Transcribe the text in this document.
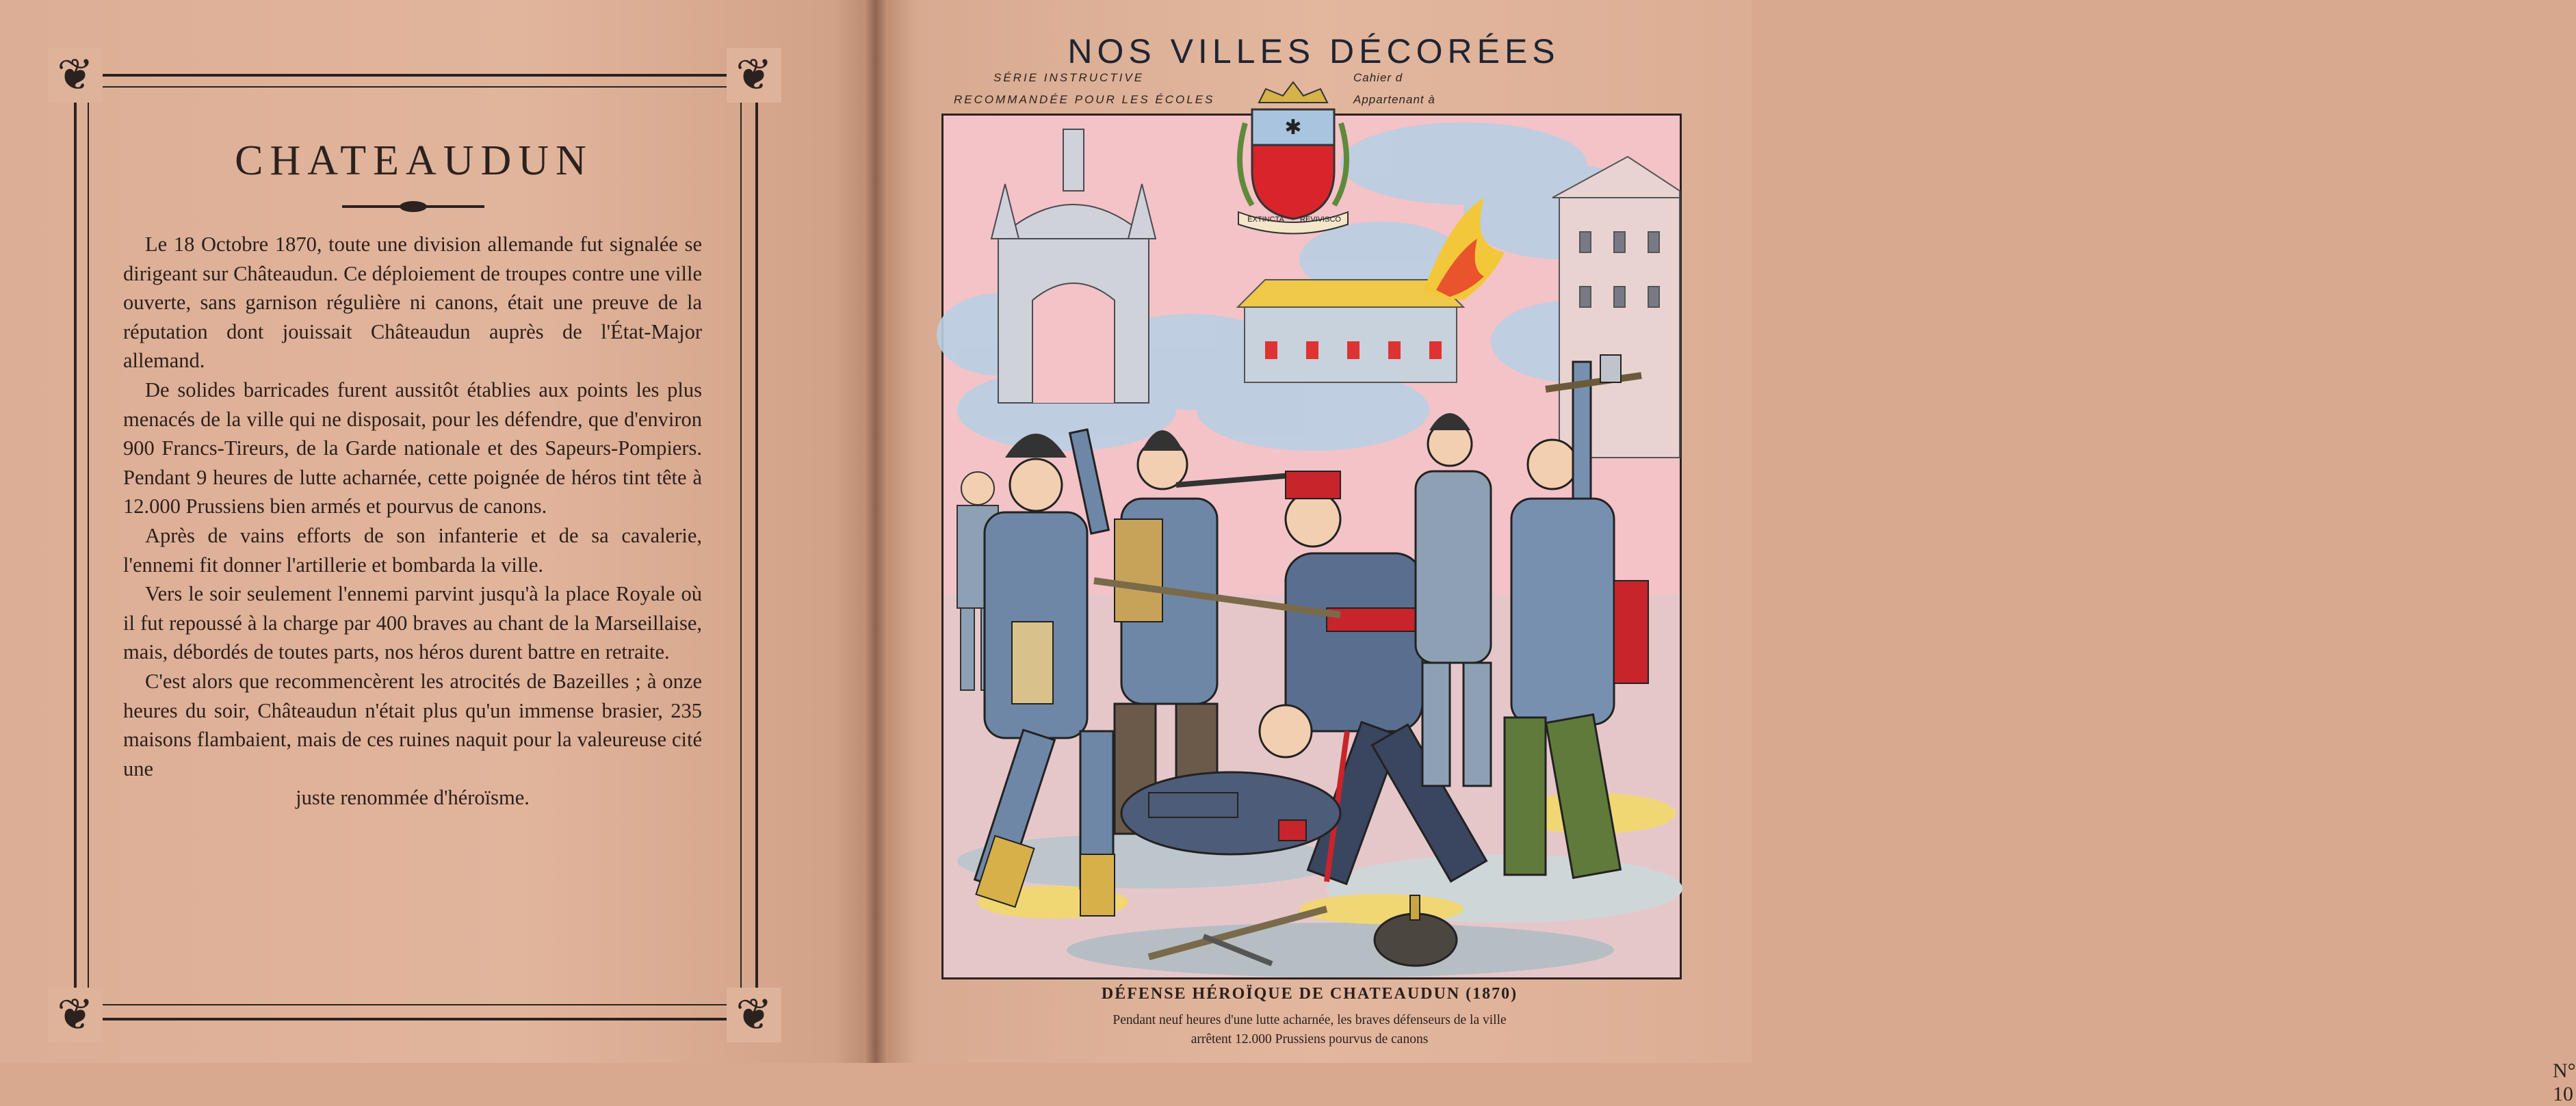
❦	❦
❦	❦
CHATEAUDUN

Le 18 Octobre 1870, toute une division allemande fut signalée se dirigeant sur Châteaudun. Ce déploiement de troupes contre une ville ouverte, sans garnison régulière ni canons, était une preuve de la réputation dont jouissait Châteaudun auprès de l'État-Major allemand.

De solides barricades furent aussitôt établies aux points les plus menacés de la ville qui ne disposait, pour les défendre, que d'environ 900 Francs-Tireurs, de la Garde nationale et des Sapeurs-Pompiers. Pendant 9 heures de lutte acharnée, cette poignée de héros tint tête à 12.000 Prussiens bien armés et pourvus de canons.

Après de vains efforts de son infanterie et de sa cavalerie, l'ennemi fit donner l'artillerie et bombarda la ville.

Vers le soir seulement l'ennemi parvint jusqu'à la place Royale où il fut repoussé à la charge par 400 braves au chant de la Marseillaise, mais, débordés de toutes parts, nos héros durent battre en retraite.

C'est alors que recommencèrent les atrocités de Bazeilles ; à onze heures du soir, Châteaudun n'était plus qu'un immense brasier, 235 maisons flambaient, mais de ces ruines naquit pour la valeureuse cité une

juste renommée d'héroïsme.

NOS VILLES DÉCORÉES
SÉRIE INSTRUCTIVE
RECOMMANDÉE POUR LES ÉCOLES
Cahier d
Appartenant à
N° 10
✱
EXTINCTA REVIVISCO
DÉFENSE HÉROÏQUE DE CHATEAUDUN (1870)
Pendant neuf heures d'une lutte acharnée, les braves défenseurs de la ville
arrêtent 12.000 Prussiens pourvus de canons
